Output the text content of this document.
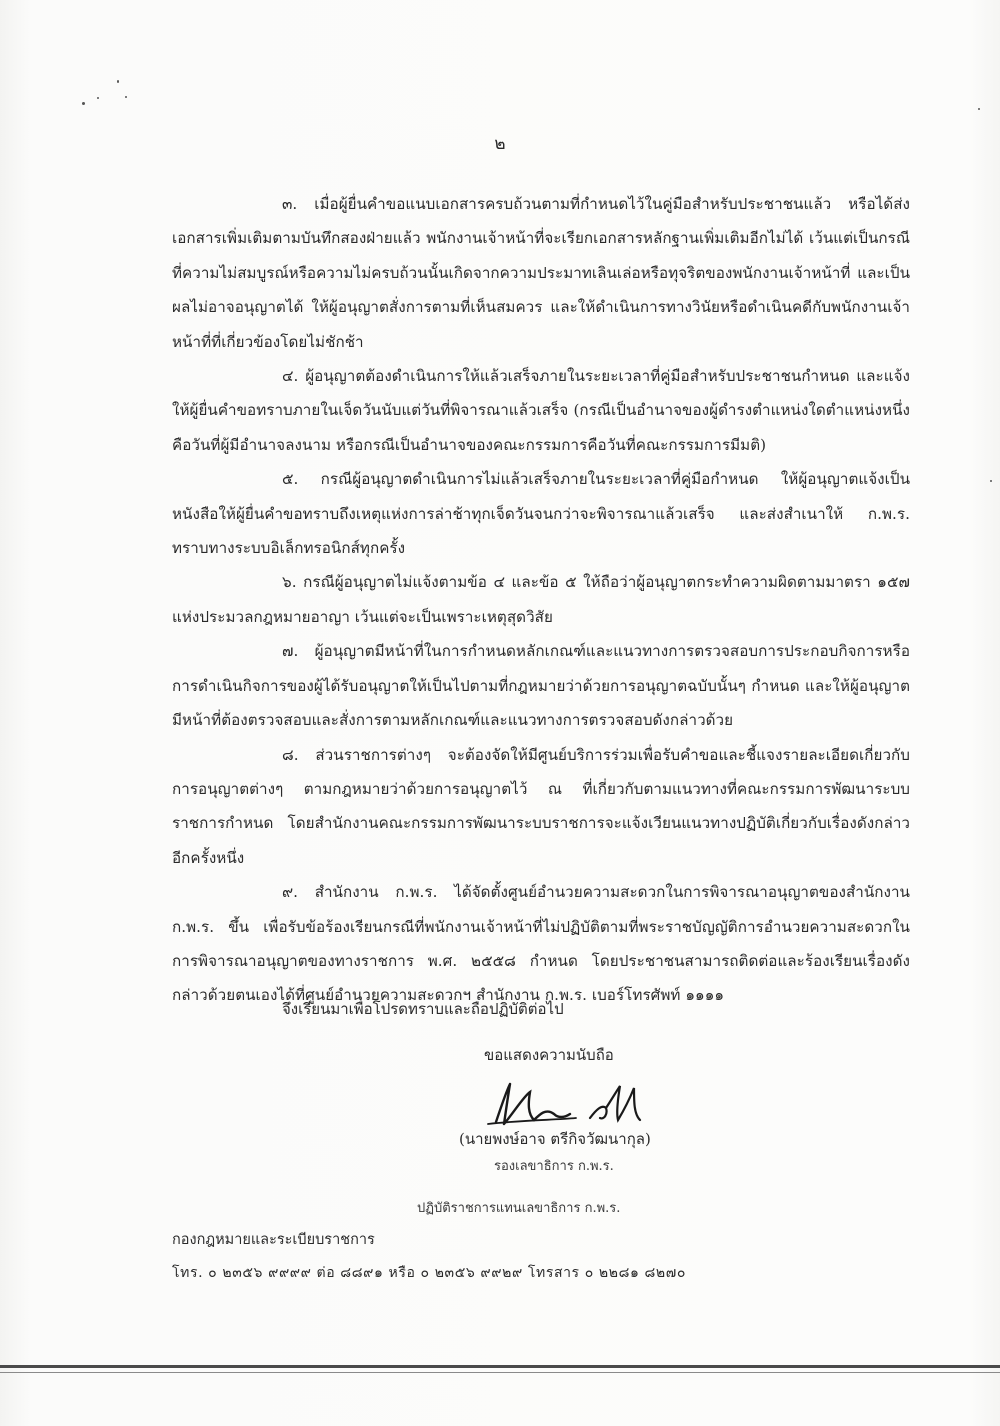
๒

๓. เมื่อผู้ยื่นคำขอแนบเอกสารครบถ้วนตามที่กำหนดไว้ในคู่มือสำหรับประชาชนแล้ว หรือได้ส่งเอกสารเพิ่มเติมตามบันทึกสองฝ่ายแล้ว พนักงานเจ้าหน้าที่จะเรียกเอกสารหลักฐานเพิ่มเติมอีกไม่ได้ เว้นแต่เป็นกรณีที่ความไม่สมบูรณ์หรือความไม่ครบถ้วนนั้นเกิดจากความประมาทเลินเล่อหรือทุจริตของพนักงานเจ้าหน้าที่ และเป็นผลไม่อาจอนุญาตได้ ให้ผู้อนุญาตสั่งการตามที่เห็นสมควร และให้ดำเนินการทางวินัยหรือดำเนินคดีกับพนักงานเจ้าหน้าที่ที่เกี่ยวข้องโดยไม่ชักช้า

๔. ผู้อนุญาตต้องดำเนินการให้แล้วเสร็จภายในระยะเวลาที่คู่มือสำหรับประชาชนกำหนด และแจ้งให้ผู้ยื่นคำขอทราบภายในเจ็ดวันนับแต่วันที่พิจารณาแล้วเสร็จ (กรณีเป็นอำนาจของผู้ดำรงตำแหน่งใดตำแหน่งหนึ่งคือวันที่ผู้มีอำนาจลงนาม หรือกรณีเป็นอำนาจของคณะกรรมการคือวันที่คณะกรรมการมีมติ)

๕. กรณีผู้อนุญาตดำเนินการไม่แล้วเสร็จภายในระยะเวลาที่คู่มือกำหนด ให้ผู้อนุญาตแจ้งเป็นหนังสือให้ผู้ยื่นคำขอทราบถึงเหตุแห่งการล่าช้าทุกเจ็ดวันจนกว่าจะพิจารณาแล้วเสร็จ และส่งสำเนาให้ ก.พ.ร. ทราบทางระบบอิเล็กทรอนิกส์ทุกครั้ง

๖. กรณีผู้อนุญาตไม่แจ้งตามข้อ ๔ และข้อ ๕ ให้ถือว่าผู้อนุญาตกระทำความผิดตามมาตรา ๑๕๗ แห่งประมวลกฎหมายอาญา เว้นแต่จะเป็นเพราะเหตุสุดวิสัย

๗. ผู้อนุญาตมีหน้าที่ในการกำหนดหลักเกณฑ์และแนวทางการตรวจสอบการประกอบกิจการหรือการดำเนินกิจการของผู้ได้รับอนุญาตให้เป็นไปตามที่กฎหมายว่าด้วยการอนุญาตฉบับนั้นๆ กำหนด และให้ผู้อนุญาตมีหน้าที่ต้องตรวจสอบและสั่งการตามหลักเกณฑ์และแนวทางการตรวจสอบดังกล่าวด้วย

๘. ส่วนราชการต่างๆ จะต้องจัดให้มีศูนย์บริการร่วมเพื่อรับคำขอและชี้แจงรายละเอียดเกี่ยวกับการอนุญาตต่างๆ ตามกฎหมายว่าด้วยการอนุญาตไว้ ณ ที่เกี่ยวกับตามแนวทางที่คณะกรรมการพัฒนาระบบราชการกำหนด โดยสำนักงานคณะกรรมการพัฒนาระบบราชการจะแจ้งเวียนแนวทางปฏิบัติเกี่ยวกับเรื่องดังกล่าวอีกครั้งหนึ่ง

๙. สำนักงาน ก.พ.ร. ได้จัดตั้งศูนย์อำนวยความสะดวกในการพิจารณาอนุญาตของสำนักงาน ก.พ.ร. ขึ้น เพื่อรับข้อร้องเรียนกรณีที่พนักงานเจ้าหน้าที่ไม่ปฏิบัติตามที่พระราชบัญญัติการอำนวยความสะดวกในการพิจารณาอนุญาตของทางราชการ พ.ศ. ๒๕๕๘ กำหนด โดยประชาชนสามารถติดต่อและร้องเรียนเรื่องดังกล่าวด้วยตนเองได้ที่ศูนย์อำนวยความสะดวกฯ สำนักงาน ก.พ.ร. เบอร์โทรศัพท์ ๑๑๑๑

จึงเรียนมาเพื่อโปรดทราบและถือปฏิบัติต่อไป
ขอแสดงความนับถือ
(นายพงษ์อาจ ตรีกิจวัฒนากุล)
รองเลขาธิการ ก.พ.ร.
ปฏิบัติราชการแทนเลขาธิการ ก.พ.ร.
กองกฎหมายและระเบียบราชการ
โทร. ๐ ๒๓๕๖ ๙๙๙๙ ต่อ ๘๘๙๑ หรือ ๐ ๒๓๕๖ ๙๙๒๙ โทรสาร ๐ ๒๒๘๑ ๘๒๗๐
